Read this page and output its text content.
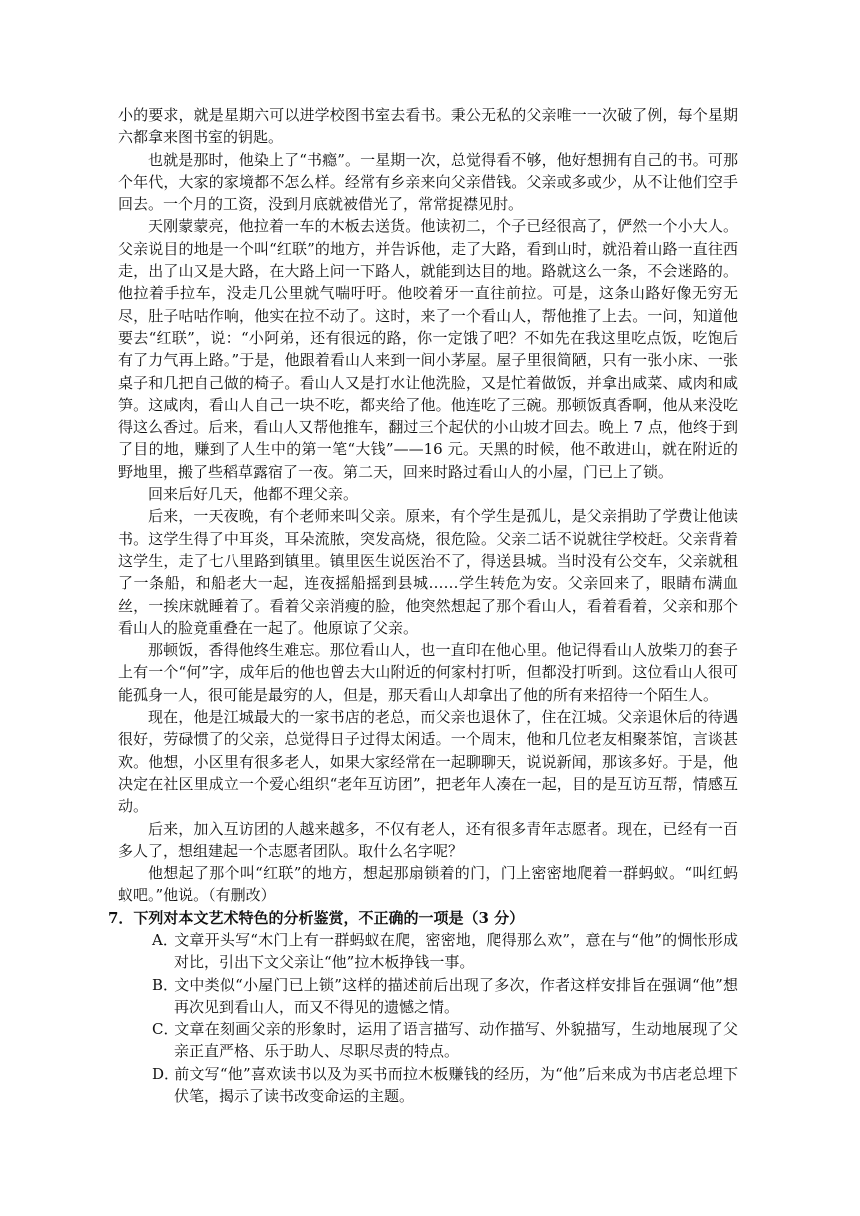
小的要求，就是星期六可以进学校图书室去看书。秉公无私的父亲唯一一次破了例，每个星期六都拿来图书室的钥匙。

也就是那时，他染上了“书瘾”。一星期一次，总觉得看不够，他好想拥有自己的书。可那个年代，大家的家境都不怎么样。经常有乡亲来向父亲借钱。父亲或多或少，从不让他们空手回去。一个月的工资，没到月底就被借光了，常常捉襟见肘。

天刚蒙蒙亮，他拉着一车的木板去送货。他读初二，个子已经很高了，俨然一个小大人。父亲说目的地是一个叫“红联”的地方，并告诉他，走了大路，看到山时，就沿着山路一直往西走，出了山又是大路，在大路上问一下路人，就能到达目的地。路就这么一条，不会迷路的。他拉着手拉车，没走几公里就气喘吁吁。他咬着牙一直往前拉。可是，这条山路好像无穷无尽，肚子咕咕作响，他实在拉不动了。这时，来了一个看山人，帮他推了上去。一问，知道他要去“红联”，说：“小阿弟，还有很远的路，你一定饿了吧？不如先在我这里吃点饭，吃饱后有了力气再上路。”于是，他跟着看山人来到一间小茅屋。屋子里很简陋，只有一张小床、一张桌子和几把自己做的椅子。看山人又是打水让他洗脸，又是忙着做饭，并拿出咸菜、咸肉和咸笋。这咸肉，看山人自己一块不吃，都夹给了他。他连吃了三碗。那顿饭真香啊，他从来没吃得这么香过。后来，看山人又帮他推车，翻过三个起伏的小山坡才回去。晚上 7 点，他终于到了目的地，赚到了人生中的第一笔“大钱”——16 元。天黑的时候，他不敢进山，就在附近的野地里，搬了些稻草露宿了一夜。第二天，回来时路过看山人的小屋，门已上了锁。

回来后好几天，他都不理父亲。

后来，一天夜晚，有个老师来叫父亲。原来，有个学生是孤儿，是父亲捐助了学费让他读书。这学生得了中耳炎，耳朵流脓，突发高烧，很危险。父亲二话不说就往学校赶。父亲背着这学生，走了七八里路到镇里。镇里医生说医治不了，得送县城。当时没有公交车，父亲就租了一条船，和船老大一起，连夜摇船摇到县城……学生转危为安。父亲回来了，眼睛布满血丝，一挨床就睡着了。看着父亲消瘦的脸，他突然想起了那个看山人，看着看着，父亲和那个看山人的脸竟重叠在一起了。他原谅了父亲。

那顿饭，香得他终生难忘。那位看山人，也一直印在他心里。他记得看山人放柴刀的套子上有一个“何”字，成年后的他也曾去大山附近的何家村打听，但都没打听到。这位看山人很可能孤身一人，很可能是最穷的人，但是，那天看山人却拿出了他的所有来招待一个陌生人。

现在，他是江城最大的一家书店的老总，而父亲也退休了，住在江城。父亲退休后的待遇很好，劳碌惯了的父亲，总觉得日子过得太闲适。一个周末，他和几位老友相聚茶馆，言谈甚欢。他想，小区里有很多老人，如果大家经常在一起聊聊天，说说新闻，那该多好。于是，他决定在社区里成立一个爱心组织“老年互访团”，把老年人凑在一起，目的是互访互帮，情感互动。

后来，加入互访团的人越来越多，不仅有老人，还有很多青年志愿者。现在，已经有一百多人了，想组建起一个志愿者团队。取什么名字呢？

他想起了那个叫“红联”的地方，想起那扇锁着的门，门上密密地爬着一群蚂蚁。“叫红蚂蚁吧。”他说。（有删改）

7．下列对本文艺术特色的分析鉴赏，不正确的一项是（3 分）

A．文章开头写“木门上有一群蚂蚁在爬，密密地，爬得那么欢”，意在与“他”的惆怅形成对比，引出下文父亲让“他”拉木板挣钱一事。

B．文中类似“小屋门已上锁”这样的描述前后出现了多次，作者这样安排旨在强调“他”想再次见到看山人，而又不得见的遗憾之情。

C．文章在刻画父亲的形象时，运用了语言描写、动作描写、外貌描写，生动地展现了父亲正直严格、乐于助人、尽职尽责的特点。

D．前文写“他”喜欢读书以及为买书而拉木板赚钱的经历，为“他”后来成为书店老总埋下伏笔，揭示了读书改变命运的主题。
